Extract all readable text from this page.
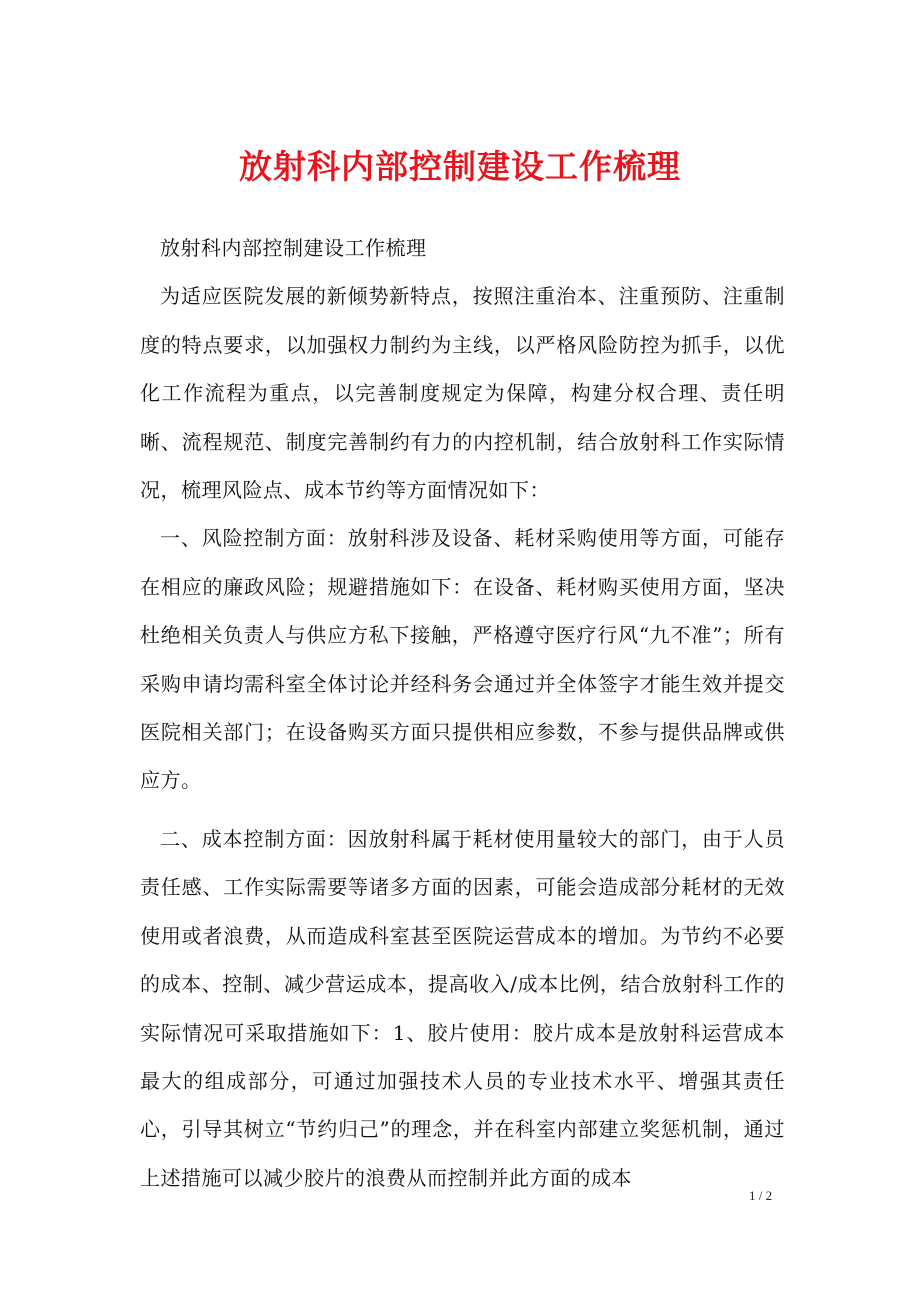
放射科内部控制建设工作梳理

放射科内部控制建设工作梳理

为适应医院发展的新倾势新特点，按照注重治本、注重预防、注重制度的特点要求，以加强权力制约为主线，以严格风险防控为抓手，以优化工作流程为重点，以完善制度规定为保障，构建分权合理、责任明晰、流程规范、制度完善制约有力的内控机制，结合放射科工作实际情况，梳理风险点、成本节约等方面情况如下：

一、风险控制方面：放射科涉及设备、耗材采购使用等方面，可能存在相应的廉政风险；规避措施如下：在设备、耗材购买使用方面，坚决杜绝相关负责人与供应方私下接触，严格遵守医疗行风“九不准”；所有采购申请均需科室全体讨论并经科务会通过并全体签字才能生效并提交医院相关部门；在设备购买方面只提供相应参数，不参与提供品牌或供应方。

二、成本控制方面：因放射科属于耗材使用量较大的部门，由于人员责任感、工作实际需要等诸多方面的因素，可能会造成部分耗材的无效使用或者浪费，从而造成科室甚至医院运营成本的增加。为节约不必要的成本、控制、减少营运成本，提高收入/成本比例，结合放射科工作的实际情况可采取措施如下：1、胶片使用：胶片成本是放射科运营成本最大的组成部分，可通过加强技术人员的专业技术水平、增强其责任心，引导其树立“节约归己”的理念，并在科室内部建立奖惩机制，通过上述措施可以减少胶片的浪费从而控制并此方面的成本

1 / 2
